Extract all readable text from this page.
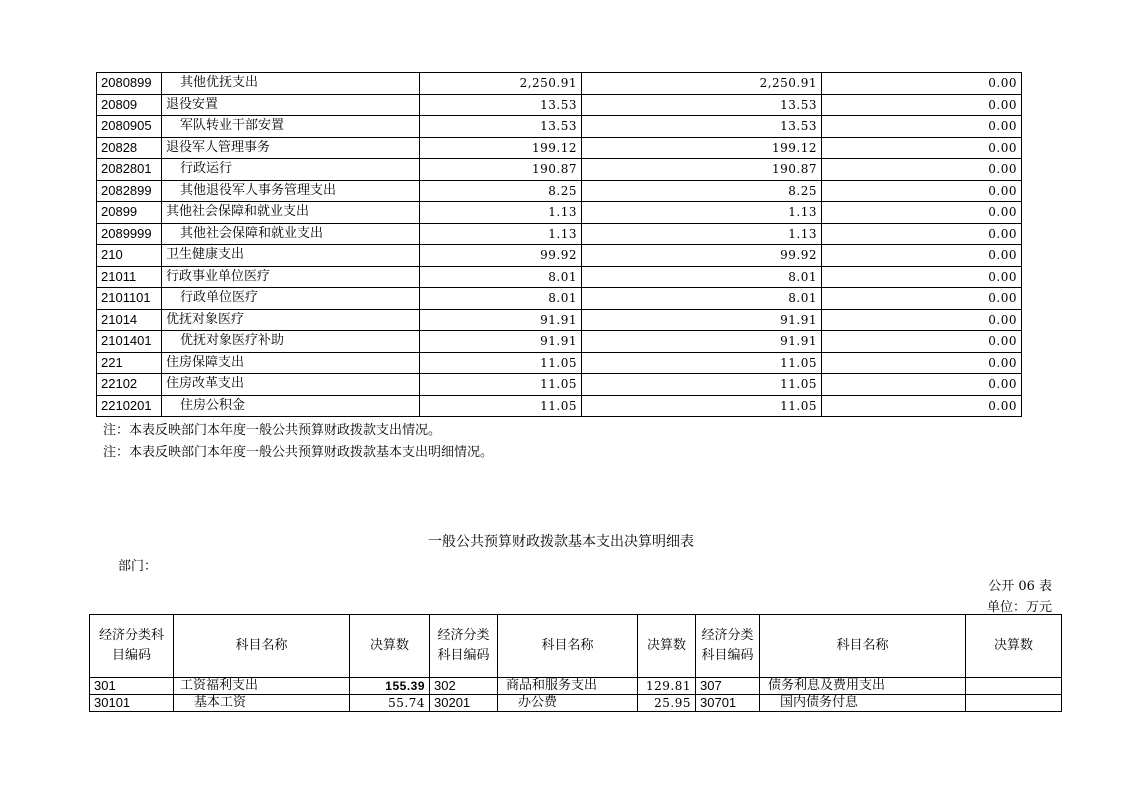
2080899	其他优抚支出	2,250.91	2,250.91	0.00
20809	退役安置	13.53	13.53	0.00
2080905	军队转业干部安置	13.53	13.53	0.00
20828	退役军人管理事务	199.12	199.12	0.00
2082801	行政运行	190.87	190.87	0.00
2082899	其他退役军人事务管理支出	8.25	8.25	0.00
20899	其他社会保障和就业支出	1.13	1.13	0.00
2089999	其他社会保障和就业支出	1.13	1.13	0.00
210	卫生健康支出	99.92	99.92	0.00
21011	行政事业单位医疗	8.01	8.01	0.00
2101101	行政单位医疗	8.01	8.01	0.00
21014	优抚对象医疗	91.91	91.91	0.00
2101401	优抚对象医疗补助	91.91	91.91	0.00
221	住房保障支出	11.05	11.05	0.00
22102	住房改革支出	11.05	11.05	0.00
2210201	住房公积金	11.05	11.05	0.00
注：本表反映部门本年度一般公共预算财政拨款支出情况。
注：本表反映部门本年度一般公共预算财政拨款基本支出明细情况。
一般公共预算财政拨款基本支出决算明细表
部门：
公开 06 表
单位：万元
经济分类科目编码	科目名称	决算数	经济分类科目编码	科目名称	决算数	经济分类科目编码	科目名称	决算数
301	工资福利支出	155.39	302	商品和服务支出	129.81	307	债务利息及费用支出	
30101	基本工资	55.74	30201	办公费	25.95	30701	国内债务付息	
